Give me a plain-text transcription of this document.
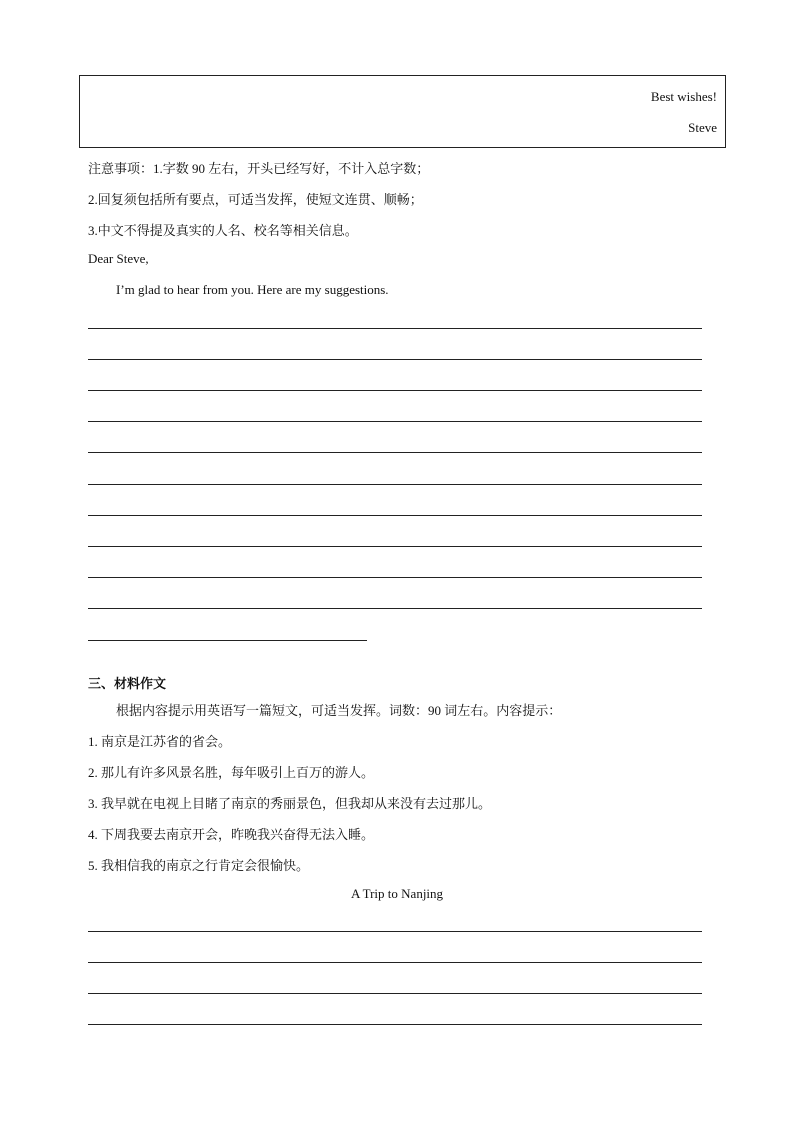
Best wishes!
Steve
注意事项：1.字数 90 左右，开头已经写好，不计入总字数；
2.回复须包括所有要点，可适当发挥，使短文连贯、顺畅；
3.中文不得提及真实的人名、校名等相关信息。
Dear Steve,
I’m glad to hear from you. Here are my suggestions.
三、材料作文
根据内容提示用英语写一篇短文，可适当发挥。词数：90 词左右。内容提示：
1. 南京是江苏省的省会。
2. 那儿有许多风景名胜，每年吸引上百万的游人。
3. 我早就在电视上目睹了南京的秀丽景色，但我却从来没有去过那儿。
4. 下周我要去南京开会，昨晚我兴奋得无法入睡。
5. 我相信我的南京之行肯定会很愉快。
A Trip to Nanjing
